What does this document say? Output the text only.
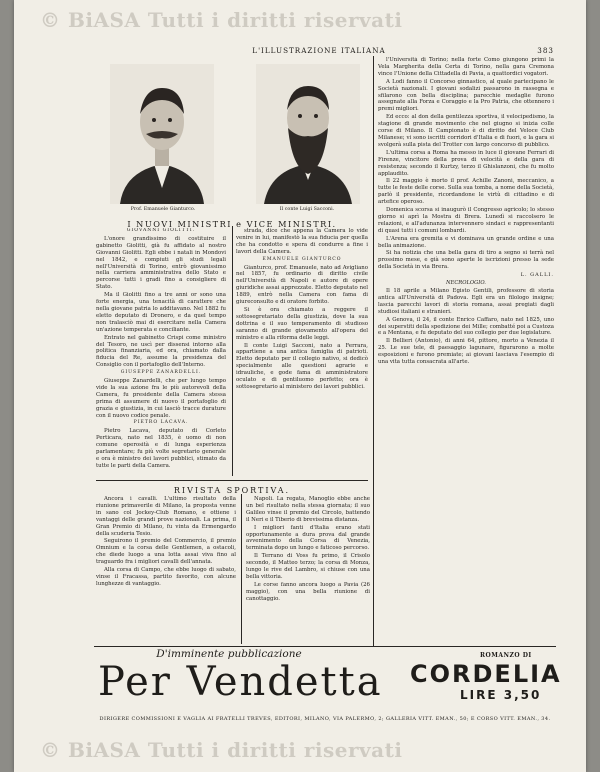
© BiASA Tutti i diritti riservati
L'ILLUSTRAZIONE ITALIANA	383
Prof. Emanuele Gianturco.	Il conte Luigi Sacconi.
I NUOVI MINISTRI e VICE MINISTRI.

GIOVANNI GIOLITTI.

L'onore grandissimo di costituire il gabinetto Giolitti, già fu affidato al nostro Giovanni Giolitti. Egli ebbe i natali in Mondovi nel 1842, e compiuti gli studi legali nell'Università di Torino, entrò giovanissimo nella carriera amministrativa dello Stato e percorse tutti i gradi fino a consigliere di Stato.

Ma il Giolitti fino a tre anni or sono una forte energia, una tenacità di carattere che nella giovane patria lo additavano. Nel 1882 fu eletto deputato di Dronero, e da quel tempo non tralasciò mai di esercitare nella Camera un'azione temperata e conciliante.

Entrato nel gabinetto Crispi come ministro del Tesoro, ne uscì per dissensi intorno alla politica finanziaria, ed ora, chiamato dalla fiducia del Re, assume la presidenza del Consiglio con il portafoglio dell'Interno.

GIUSEPPE ZANARDELLI.

Giuseppe Zanardelli, che per lungo tempo vide la sua azione fra le più autorevoli della Camera, fu presidente della Camera stessa prima di assumere di nuovo il portafoglio di grazia e giustizia, in cui lasciò tracce durature con il nuovo codice penale.

PIETRO LACAVA.

Pietro Lacava, deputato di Corleto Perticara, nato nel 1835, è uomo di non comune operosità e di lunga esperienza parlamentare; fu più volte segretario generale e ora è ministro dei lavori pubblici, stimato da tutte le parti della Camera.

strada, dice che appena la Camera lo vide venire in lui, manifestò la sua fiducia per quella che ha condotto e spera di condurre a fine i lavori della Camera.

EMANUELE GIANTURCO

Gianturco, prof. Emanuele, nato ad Avigliano nel 1857, fu ordinario di diritto civile nell'Università di Napoli e autore di opere giuridiche assai apprezzate. Eletto deputato nel 1889, entrò nella Camera con fama di giureconsulto e di oratore forbito.

Si è ora chiamato a reggere il sottosegretariato della giustizia, dove la sua dottrina e il suo temperamento di studioso saranno di grande giovamento all'opera del ministro e alla riforma delle leggi.

Il conte Luigi Sacconi, nato a Ferrara, appartiene a una antica famiglia di patrioti. Eletto deputato per il collegio nativo, si dedicò specialmente alle questioni agrarie e idrauliche, e gode fama di amministratore oculato e di gentiluomo perfetto; ora è sottosegretario al ministero dei lavori pubblici.

l'Università di Torino; nella forte Como giungono primi la Vela Margherita della Certa di Torino, nella gara Cremona vince l'Unione della Cittadella di Pavia, a quattordici vogatori.

A Lodi fanno il Concorso ginnastico, al quale partecipano le Società nazionali. I giovani sodalizi passarono in rassegna e sfilarono con bella disciplina; parecchie medaglie furono assegnate alla Forza e Coraggio e la Pro Patria, che ottennero i premi migliori.

Ed ecco: al don della gentilezza sportiva, il velocipedismo, la stagione di grande movimento che nel giugno si inizia colle corse di Milano. Il Campionato è di diritto del Veloce Club Milanese; vi sono iscritti corridori d'Italia e di fuori, e la gara si svolgerà sulla pista del Trotter con largo concorso di pubblico.

L'ultima corsa a Roma ha messo in luce il giovane Ferrari di Firenze, vincitore della prova di velocità e della gara di resistenza; secondo il Kurtzy, terzo il Ghislanzoni, che fu molto applaudito.

Il 22 maggio è morto il prof. Achille Zanoni, meccanico, a tutte le feste delle corse. Sulla sua tomba, a nome della Società, parlò il presidente, ricordandone le virtù di cittadino e di artefice operoso.

Domenica scorsa si inaugurò il Congresso agricolo; lo stesso giorno si aprì la Mostra di Brera. Lunedì si raccolsero le relazioni, e all'adunanza intervennero sindaci e rappresentanti di quasi tutti i comuni lombardi.

L'Arena era gremita e vi dominava un grande ordine e una bella animazione.

Si ha notizia che una bella gara di tiro a segno si terrà nel prossimo mese, e già sono aperte le iscrizioni presso la sede della Società in via Brera.

L. GALLI.

NECROLOGIO.

Il 18 aprile a Milano Egisto Gentili, professore di storia antica all'Università di Padova. Egli era un filologo insigne; lascia parecchi lavori di storia romana, assai pregiati dagli studiosi italiani e stranieri.

A Genova, il 24, il conte Enrico Caffaro, nato nel 1825, uno dei superstiti della spedizione dei Mille; combatté poi a Custoza e a Mentana, e fu deputato del suo collegio per due legislature.

Il Bellieri (Antonio), di anni 64, pittore, morto a Venezia il 25. Le sue tele, di paesaggio lagunare, figurarono a molte esposizioni e furono premiate; ai giovani lasciava l'esempio di una vita tutta consacrata all'arte.

RIVISTA SPORTIVA.

Ancora i cavalli. L'ultimo risultato della riunione primaverile di Milano, la proposta venne in sano col Jockey-Club Romano, e ottiene i vantaggi delle grandi prove nazionali. La prima, il Gran Premio di Milano, fu vinta da Ermengardo della scuderia Tesio.

Seguirono il premio del Commercio, il premio Omnium e la corsa delle Gentlemen, a ostacoli, che diede luogo a una lotta assai viva fino al traguardo fra i migliori cavalli dell'annata.

Alla corsa di Campo, che ebbe luogo di sabato, vinse il Fracassa, partito favorito, con alcune lunghezze di vantaggio.

Napoli. La regata, Manoglio ebbe anche un bel risultato nella stessa giornata; il suo Galileo vinse il premio del Circolo, battendo il Neri e il Tiberio di brevissima distanza.

I migliori fanti d'Italia erano stati opportunamente a dura prova dal grande avvenimento della Corsa di Venezia, terminata dopo un lungo e faticoso percorso.

Il Terrano di Voss fu primo, il Crisolo secondo, il Matteo terzo; la corsa di Monza, lungo le rive del Lambro, si chiuse con una bella vittoria.

Le corse fanno ancora luogo a Pavia (26 maggio), con una bella riunione di canottaggio.

D'imminente pubblicazione
Per Vendetta
ROMANZO DI
CORDELIA
LIRE 3,50
DIRIGERE COMMISSIONI E VAGLIA AI FRATELLI TREVES, EDITORI, MILANO, VIA PALERMO, 2; GALLERIA VITT. EMAN., 50; E CORSO VITT. EMAN., 34.
© BiASA Tutti i diritti riservati
